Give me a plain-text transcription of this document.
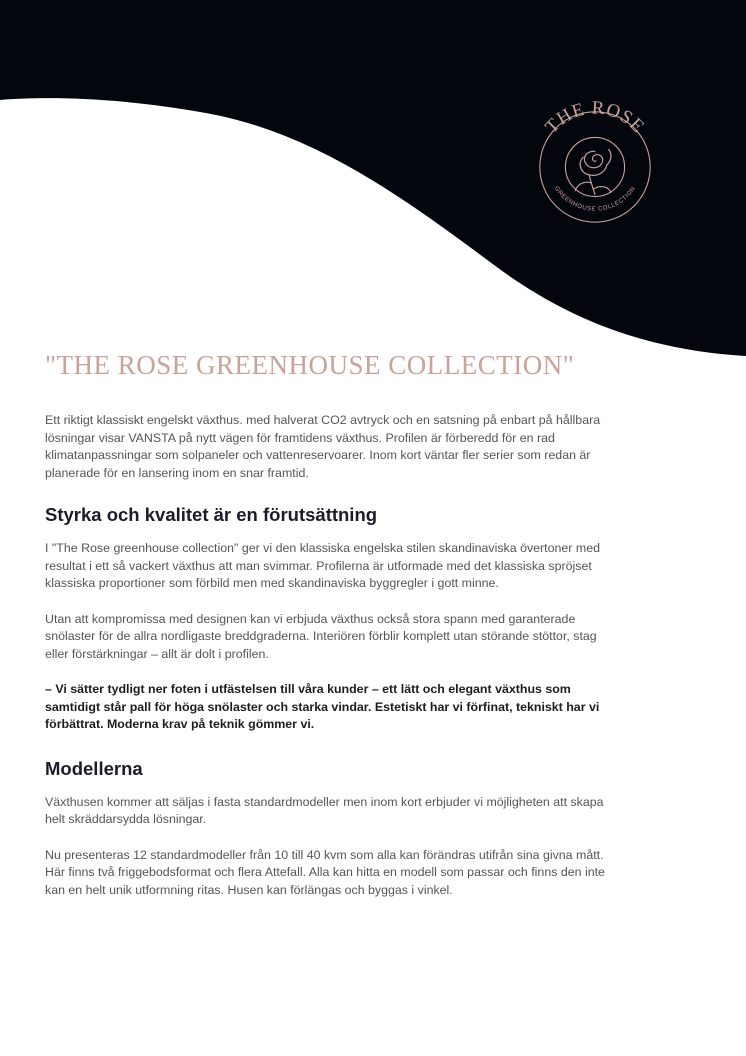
THE ROSE
GREENHOUSE COLLECTION
"THE ROSE GREENHOUSE COLLECTION"

Ett riktigt klassiskt engelskt växthus. med halverat CO2 avtryck och en satsning på enbart på hållbara lösningar visar VANSTA på nytt vägen för framtidens växthus. Profilen är förberedd för en rad klimatanpassningar som solpaneler och vattenreservoarer. Inom kort väntar fler serier som redan är planerade för en lansering inom en snar framtid.

Styrka och kvalitet är en förutsättning

I "The Rose greenhouse collection" ger vi den klassiska engelska stilen skandinaviska övertoner med resultat i ett så vackert växthus att man svimmar. Profilerna är utformade med det klassiska spröjset klassiska proportioner som förbild men med skandinaviska byggregler i gott minne.

Utan att kompromissa med designen kan vi erbjuda växthus också stora spann med garanterade snölaster för de allra nordligaste breddgraderna. Interiören förblir komplett utan störande stöttor, stag eller förstärkningar – allt är dolt i profilen.

– Vi sätter tydligt ner foten i utfästelsen till våra kunder – ett lätt och elegant växthus som samtidigt står pall för höga snölaster och starka vindar. Estetiskt har vi förfinat, tekniskt har vi förbättrat. Moderna krav på teknik gömmer vi.

Modellerna

Växthusen kommer att säljas i fasta standardmodeller men inom kort erbjuder vi möjligheten att skapa helt skräddarsydda lösningar.

Nu presenteras 12 standardmodeller från 10 till 40 kvm som alla kan förändras utifrån sina givna mått. Här finns två friggebodsformat och flera Attefall. Alla kan hitta en modell som passar och finns den inte kan en helt unik utformning ritas. Husen kan förlängas och byggas i vinkel.
